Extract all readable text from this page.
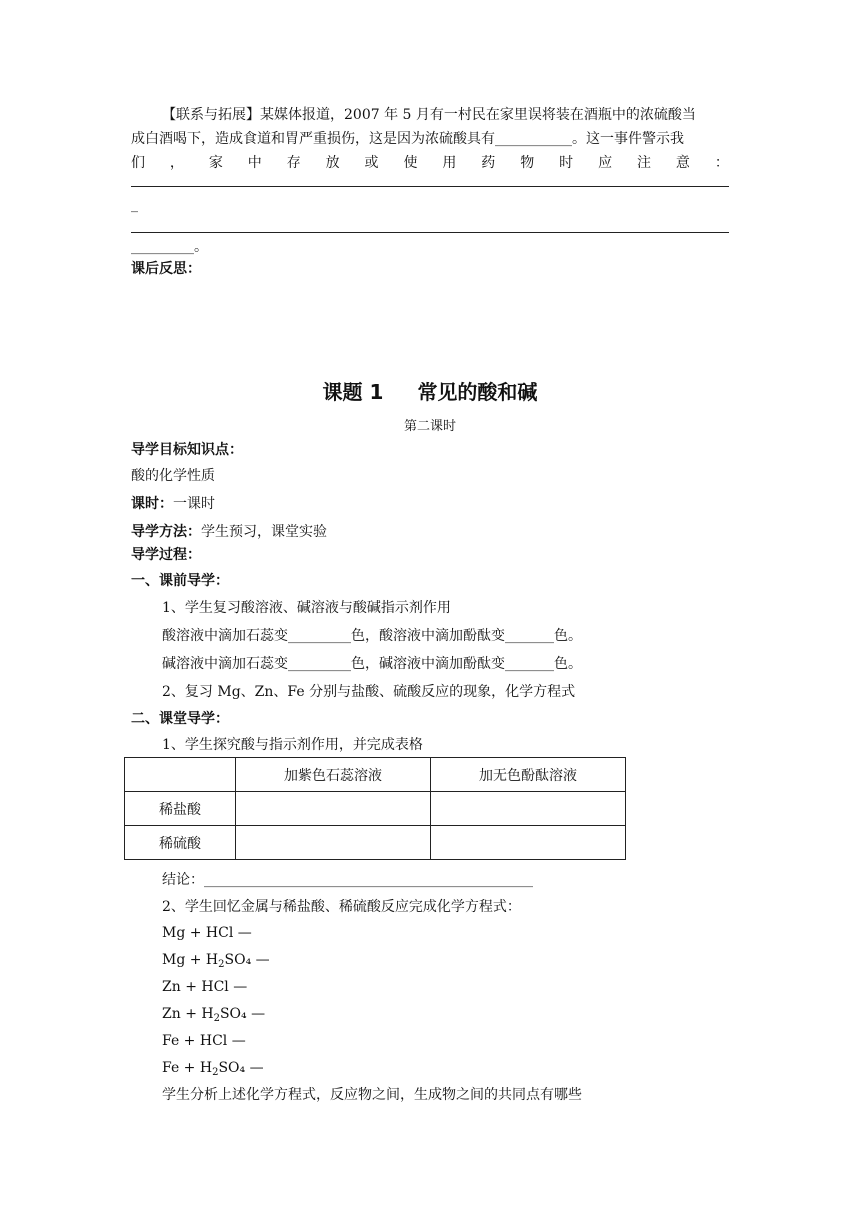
【联系与拓展】某媒体报道，2007 年 5 月有一村民在家里误将装在酒瓶中的浓硫酸当
成白酒喝下，造成食道和胃严重损伤，这是因为浓硫酸具有___________。这一事件警示我
们 ， 家 中 存 放 或 使 用 药 物 时 应 注 意 ：
_
_________。
课后反思：
课题 1 常见的酸和碱
第二课时
导学目标知识点：
酸的化学性质
课时：一课时
导学方法：学生预习，课堂实验
导学过程：
一、课前导学：
1、学生复习酸溶液、碱溶液与酸碱指示剂作用
酸溶液中滴加石蕊变_________色，酸溶液中滴加酚酞变_______色。
碱溶液中滴加石蕊变_________色，碱溶液中滴加酚酞变_______色。
2、复习 Mg、Zn、Fe 分别与盐酸、硫酸反应的现象，化学方程式
二、课堂导学：
1、学生探究酸与指示剂作用，并完成表格
	加紫色石蕊溶液	加无色酚酞溶液
稀盐酸		
稀硫酸		
结论：_______________________________________________
2、学生回忆金属与稀盐酸、稀硫酸反应完成化学方程式：
Mg + HCl —
$Mg + H_2SO_4$ —
Zn + HCl —
$Zn + H_2SO_4$ —
Fe + HCl —
$Fe + H_2SO_4$ —
学生分析上述化学方程式，反应物之间，生成物之间的共同点有哪些
